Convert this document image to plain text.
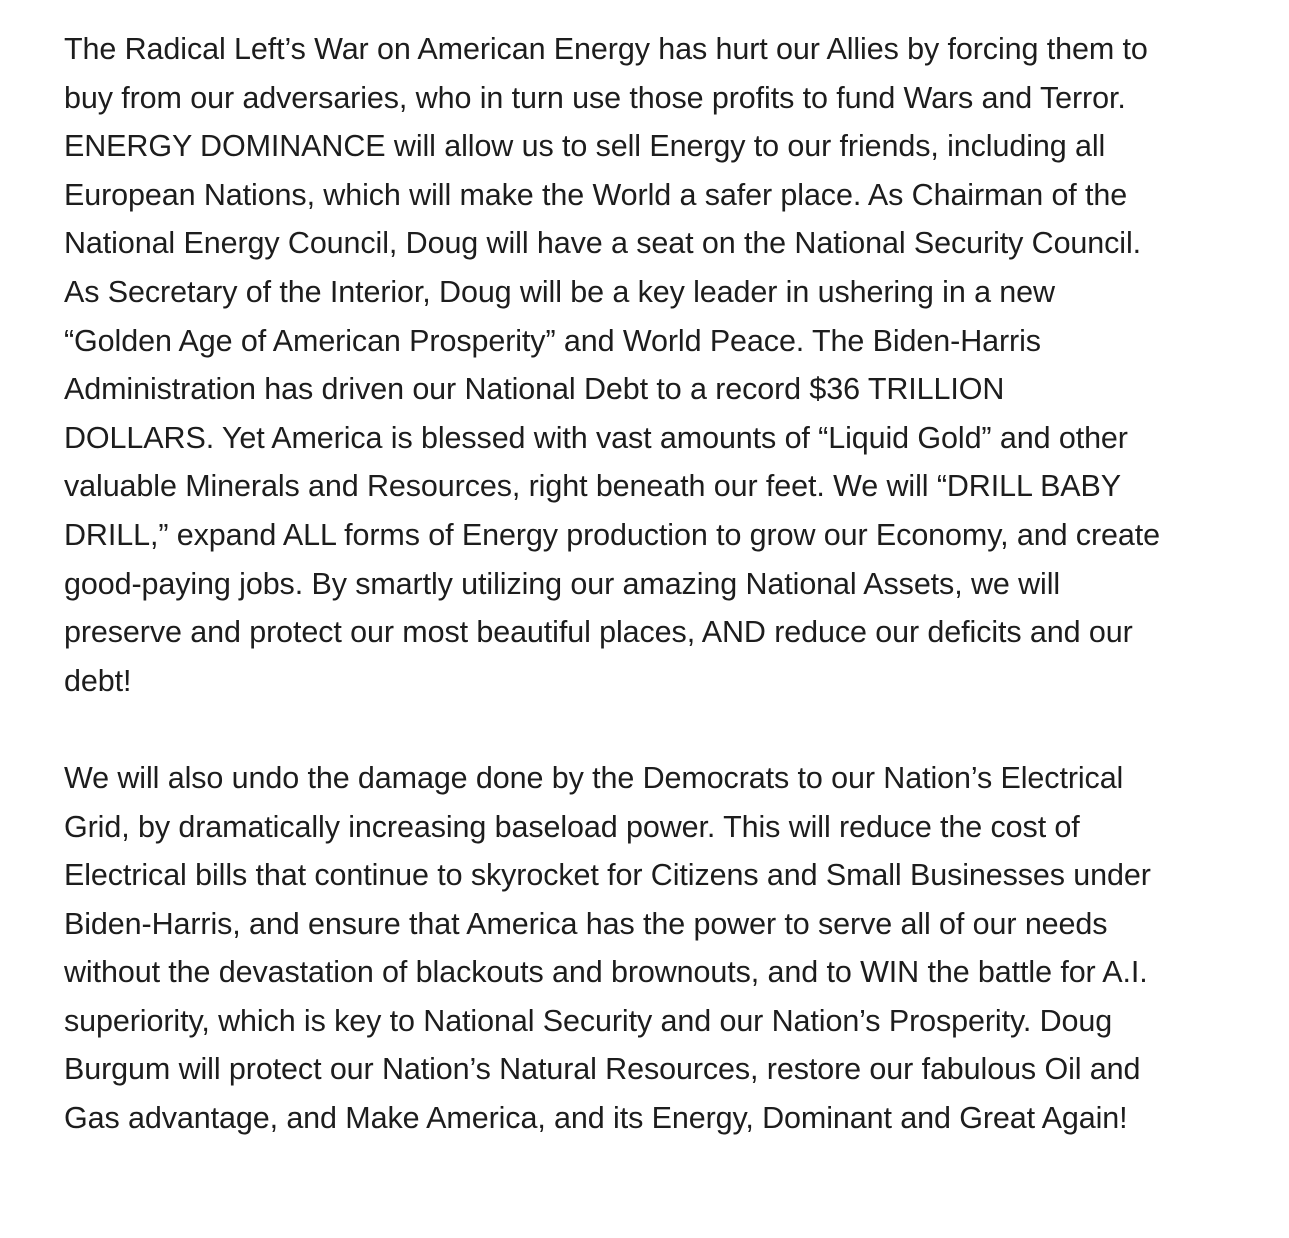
The Radical Left’s War on American Energy has hurt our Allies by forcing them to
buy from our adversaries, who in turn use those profits to fund Wars and Terror.
ENERGY DOMINANCE will allow us to sell Energy to our friends, including all
European Nations, which will make the World a safer place. As Chairman of the
National Energy Council, Doug will have a seat on the National Security Council.
As Secretary of the Interior, Doug will be a key leader in ushering in a new
“Golden Age of American Prosperity” and World Peace. The Biden-Harris
Administration has driven our National Debt to a record $36 TRILLION
DOLLARS. Yet America is blessed with vast amounts of “Liquid Gold” and other
valuable Minerals and Resources, right beneath our feet. We will “DRILL BABY
DRILL,” expand ALL forms of Energy production to grow our Economy, and create
good-paying jobs. By smartly utilizing our amazing National Assets, we will
preserve and protect our most beautiful places, AND reduce our deficits and our
debt!

We will also undo the damage done by the Democrats to our Nation’s Electrical
Grid, by dramatically increasing baseload power. This will reduce the cost of
Electrical bills that continue to skyrocket for Citizens and Small Businesses under
Biden-Harris, and ensure that America has the power to serve all of our needs
without the devastation of blackouts and brownouts, and to WIN the battle for A.I.
superiority, which is key to National Security and our Nation’s Prosperity. Doug
Burgum will protect our Nation’s Natural Resources, restore our fabulous Oil and
Gas advantage, and Make America, and its Energy, Dominant and Great Again!
